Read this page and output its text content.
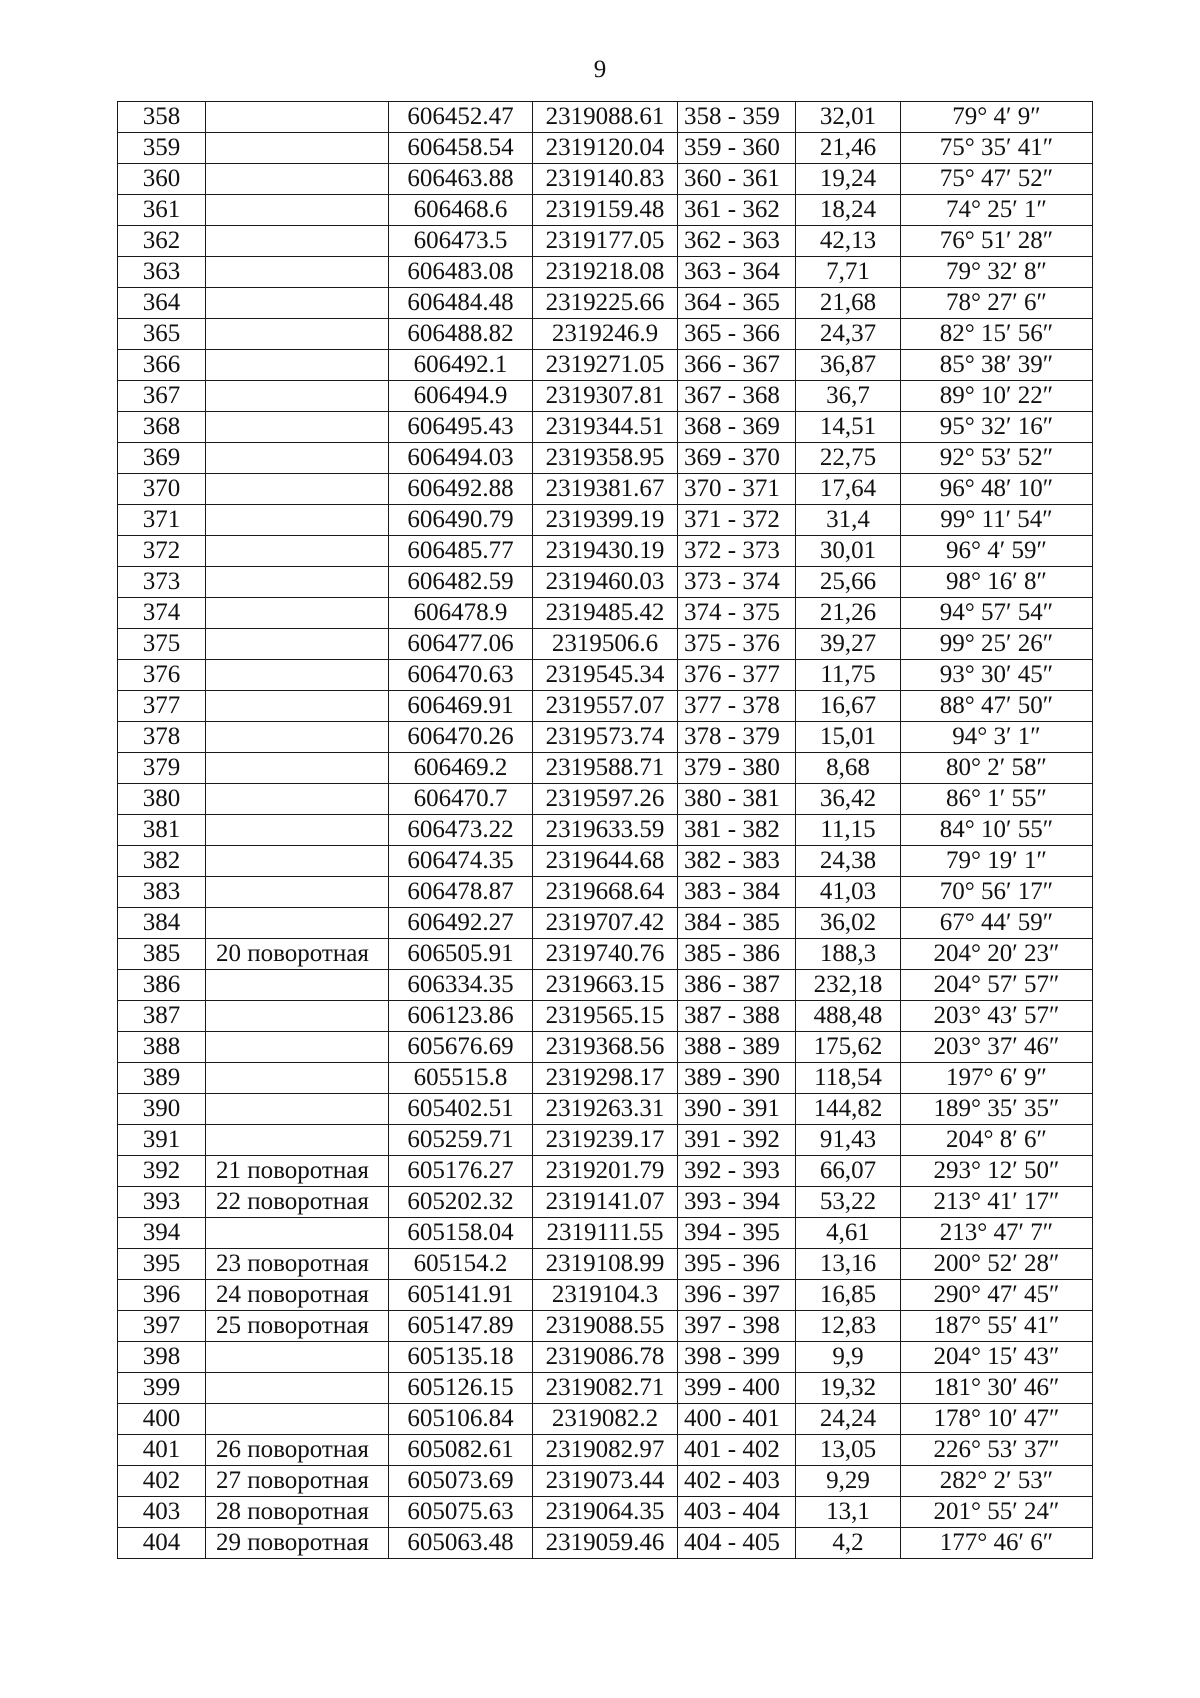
9
358		606452.47	2319088.61	358 - 359	32,01	79° 4′ 9″
359		606458.54	2319120.04	359 - 360	21,46	75° 35′ 41″
360		606463.88	2319140.83	360 - 361	19,24	75° 47′ 52″
361		606468.6	2319159.48	361 - 362	18,24	74° 25′ 1″
362		606473.5	2319177.05	362 - 363	42,13	76° 51′ 28″
363		606483.08	2319218.08	363 - 364	7,71	79° 32′ 8″
364		606484.48	2319225.66	364 - 365	21,68	78° 27′ 6″
365		606488.82	2319246.9	365 - 366	24,37	82° 15′ 56″
366		606492.1	2319271.05	366 - 367	36,87	85° 38′ 39″
367		606494.9	2319307.81	367 - 368	36,7	89° 10′ 22″
368		606495.43	2319344.51	368 - 369	14,51	95° 32′ 16″
369		606494.03	2319358.95	369 - 370	22,75	92° 53′ 52″
370		606492.88	2319381.67	370 - 371	17,64	96° 48′ 10″
371		606490.79	2319399.19	371 - 372	31,4	99° 11′ 54″
372		606485.77	2319430.19	372 - 373	30,01	96° 4′ 59″
373		606482.59	2319460.03	373 - 374	25,66	98° 16′ 8″
374		606478.9	2319485.42	374 - 375	21,26	94° 57′ 54″
375		606477.06	2319506.6	375 - 376	39,27	99° 25′ 26″
376		606470.63	2319545.34	376 - 377	11,75	93° 30′ 45″
377		606469.91	2319557.07	377 - 378	16,67	88° 47′ 50″
378		606470.26	2319573.74	378 - 379	15,01	94° 3′ 1″
379		606469.2	2319588.71	379 - 380	8,68	80° 2′ 58″
380		606470.7	2319597.26	380 - 381	36,42	86° 1′ 55″
381		606473.22	2319633.59	381 - 382	11,15	84° 10′ 55″
382		606474.35	2319644.68	382 - 383	24,38	79° 19′ 1″
383		606478.87	2319668.64	383 - 384	41,03	70° 56′ 17″
384		606492.27	2319707.42	384 - 385	36,02	67° 44′ 59″
385	20 поворотная	606505.91	2319740.76	385 - 386	188,3	204° 20′ 23″
386		606334.35	2319663.15	386 - 387	232,18	204° 57′ 57″
387		606123.86	2319565.15	387 - 388	488,48	203° 43′ 57″
388		605676.69	2319368.56	388 - 389	175,62	203° 37′ 46″
389		605515.8	2319298.17	389 - 390	118,54	197° 6′ 9″
390		605402.51	2319263.31	390 - 391	144,82	189° 35′ 35″
391		605259.71	2319239.17	391 - 392	91,43	204° 8′ 6″
392	21 поворотная	605176.27	2319201.79	392 - 393	66,07	293° 12′ 50″
393	22 поворотная	605202.32	2319141.07	393 - 394	53,22	213° 41′ 17″
394		605158.04	2319111.55	394 - 395	4,61	213° 47′ 7″
395	23 поворотная	605154.2	2319108.99	395 - 396	13,16	200° 52′ 28″
396	24 поворотная	605141.91	2319104.3	396 - 397	16,85	290° 47′ 45″
397	25 поворотная	605147.89	2319088.55	397 - 398	12,83	187° 55′ 41″
398		605135.18	2319086.78	398 - 399	9,9	204° 15′ 43″
399		605126.15	2319082.71	399 - 400	19,32	181° 30′ 46″
400		605106.84	2319082.2	400 - 401	24,24	178° 10′ 47″
401	26 поворотная	605082.61	2319082.97	401 - 402	13,05	226° 53′ 37″
402	27 поворотная	605073.69	2319073.44	402 - 403	9,29	282° 2′ 53″
403	28 поворотная	605075.63	2319064.35	403 - 404	13,1	201° 55′ 24″
404	29 поворотная	605063.48	2319059.46	404 - 405	4,2	177° 46′ 6″
